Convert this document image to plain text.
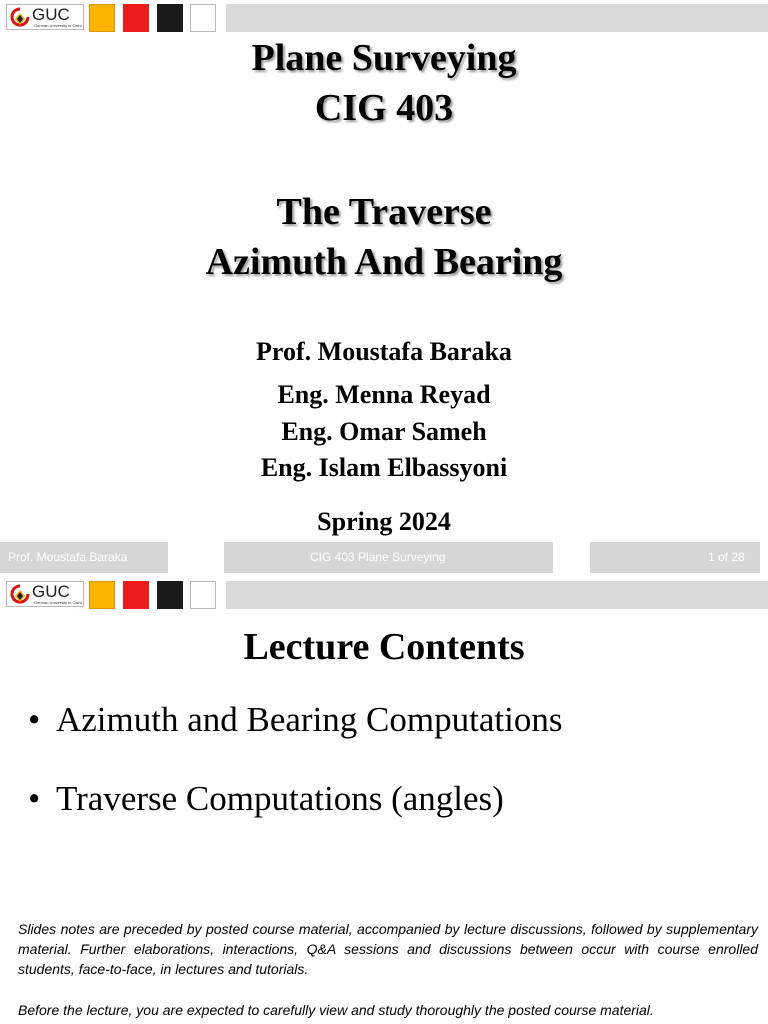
GUC
German University in Cairo
Plane Surveying
CIG 403
The Traverse
Azimuth And Bearing
Prof. Moustafa Baraka
Eng. Menna Reyad
Eng. Omar Sameh
Eng. Islam Elbassyoni
Spring 2024
Prof. Moustafa Baraka	CIG 403 Plane Surveying	1 of 28
GUC
German University in Cairo
Lecture Contents
• Azimuth and Bearing Computations
• Traverse Computations (angles)
Slides notes are preceded by posted course material, accompanied by lecture discussions, followed by supplementary material. Further elaborations, interactions, Q&A sessions and discussions between occur with course enrolled students, face-to-face, in lectures and tutorials.
Before the lecture, you are expected to carefully view and study thoroughly the posted course material.
